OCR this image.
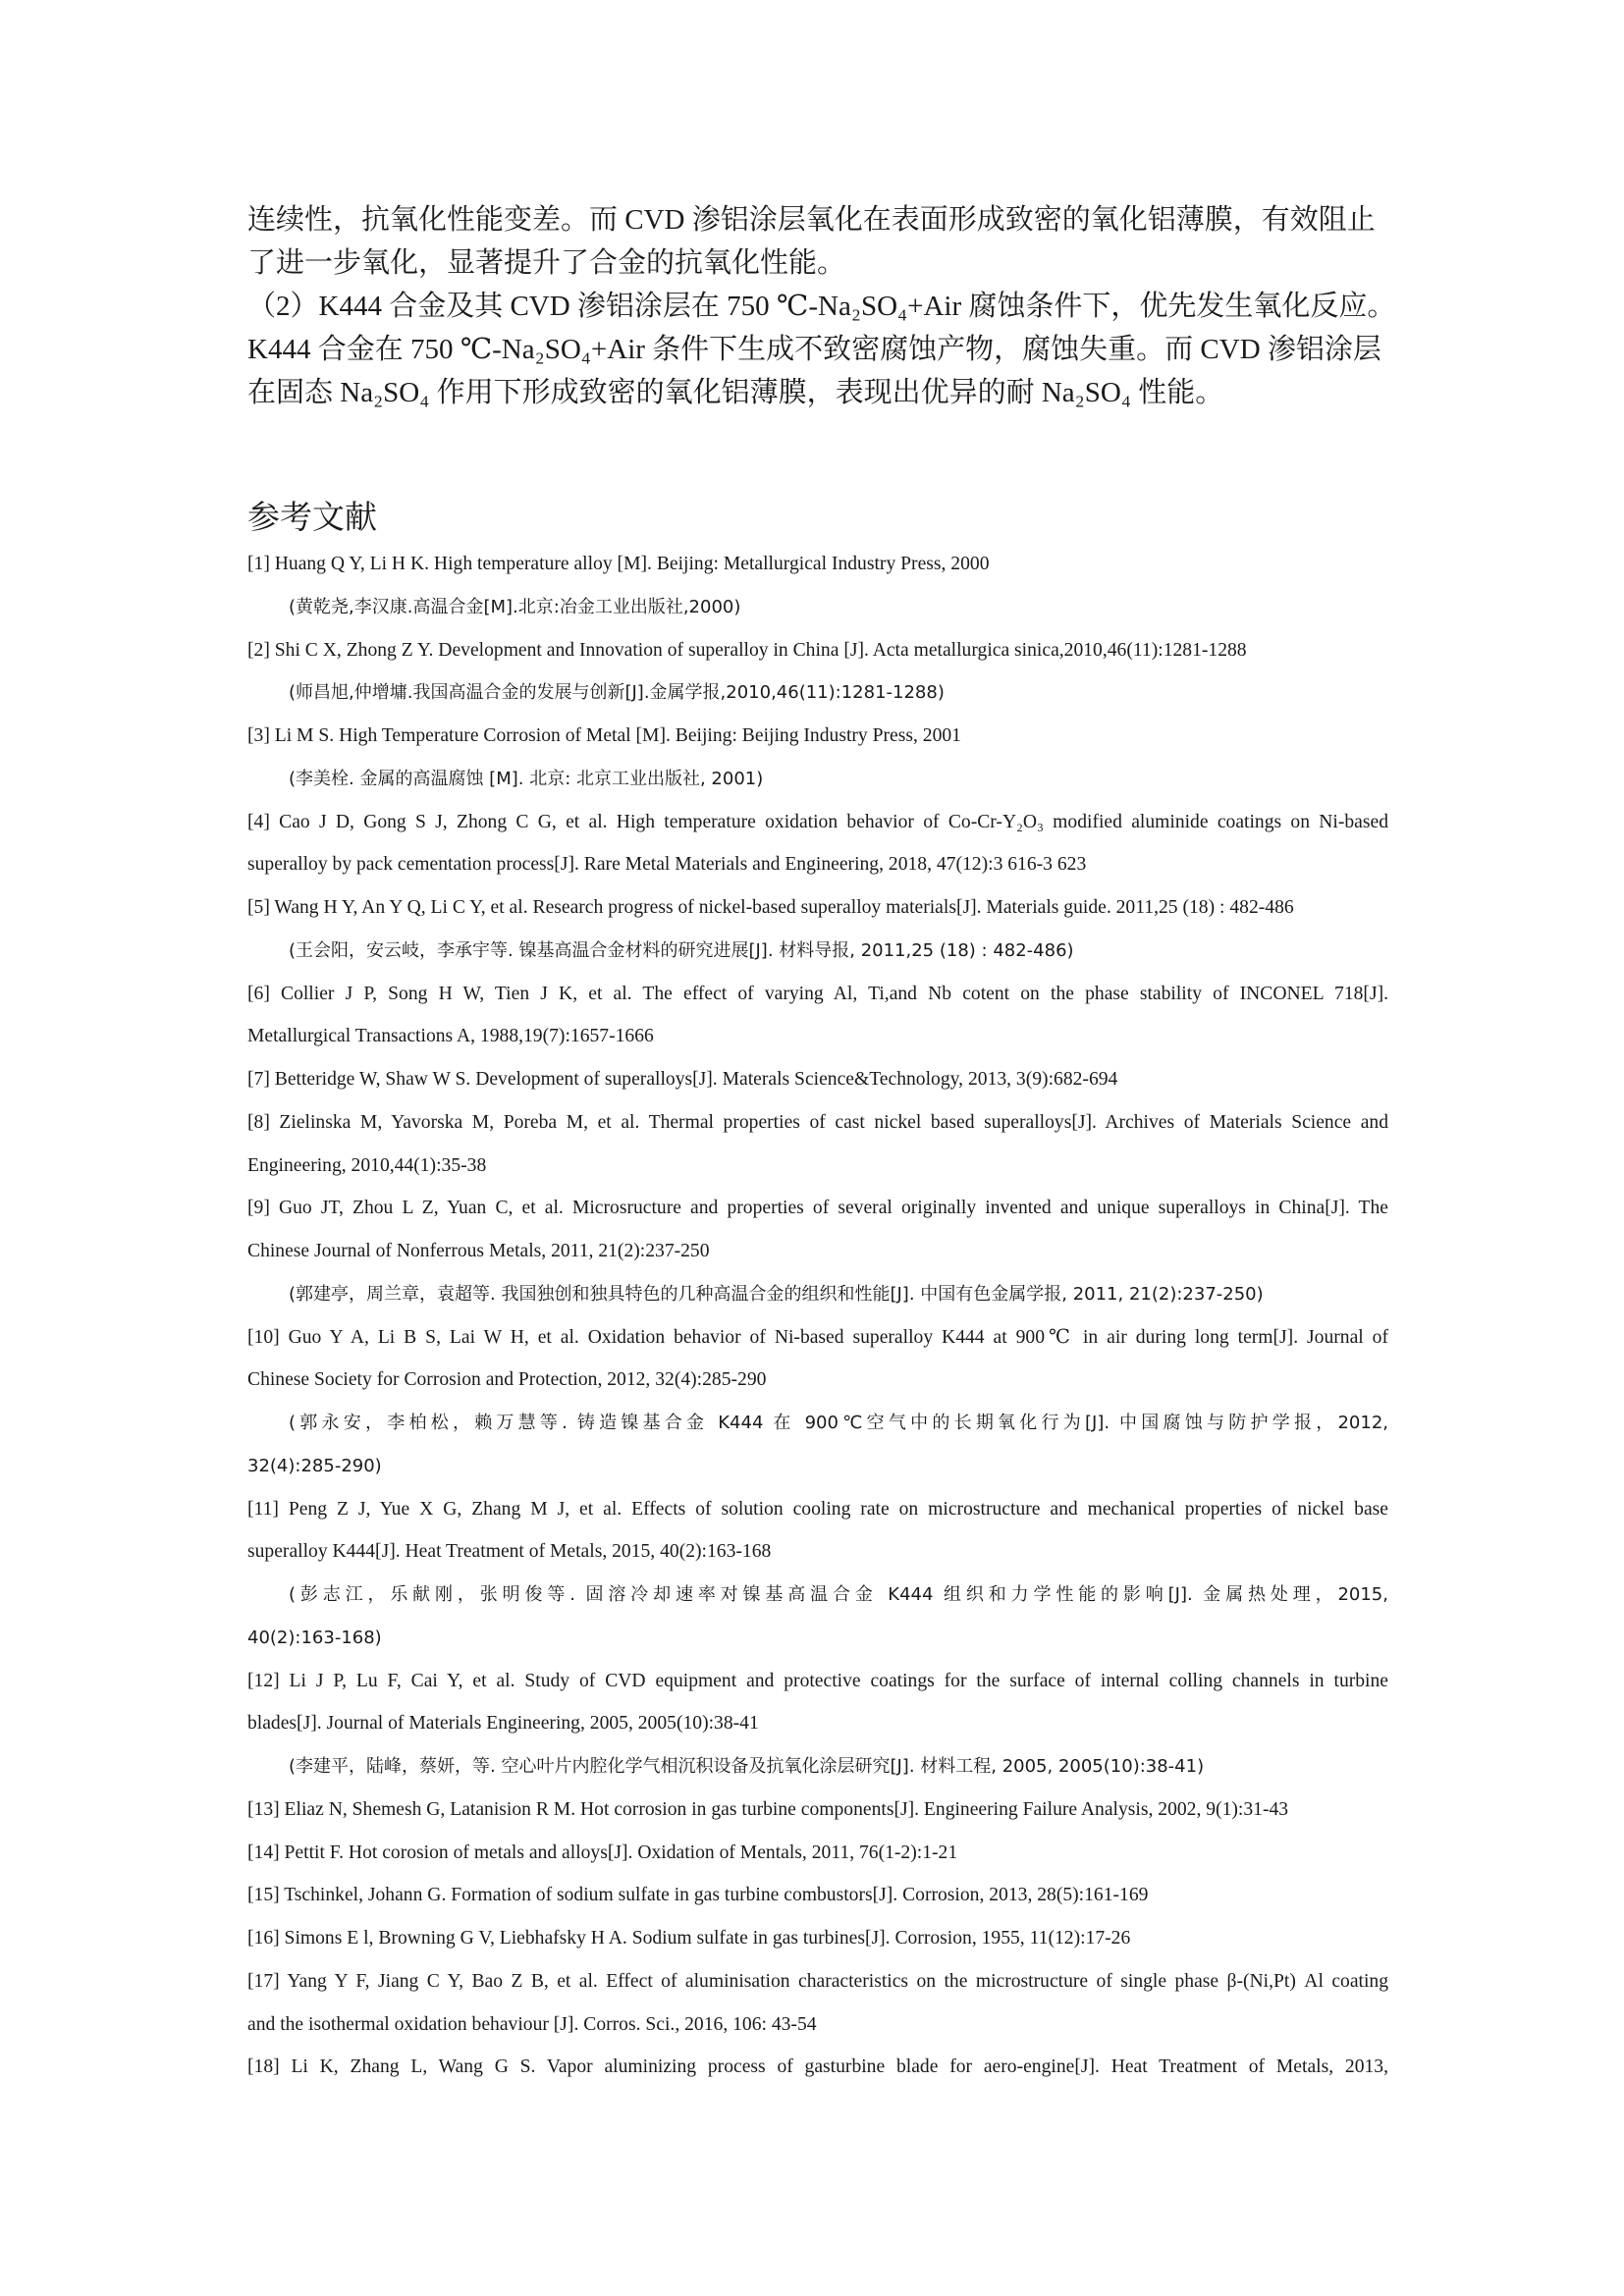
连续性，抗氧化性能变差。而 CVD 渗铝涂层氧化在表面形成致密的氧化铝薄膜，有效阻止
了进一步氧化，显著提升了合金的抗氧化性能。

（2）K444 合金及其 CVD 渗铝涂层在 750 ℃-Na₂SO₄+Air 腐蚀条件下，优先发生氧化反应。
K444 合金在 750 ℃-Na₂SO₄+Air 条件下生成不致密腐蚀产物，腐蚀失重。而 CVD 渗铝涂层
在固态 Na₂SO₄ 作用下形成致密的氧化铝薄膜，表现出优异的耐 Na₂SO₄ 性能。

参考文献
[1] Huang Q Y, Li H K. High temperature alloy [M]. Beijing: Metallurgical Industry Press, 2000
(黄乾尧,李汉康.高温合金[M].北京:冶金工业出版社,2000)
[2] Shi C X, Zhong Z Y. Development and Innovation of superalloy in China [J]. Acta metallurgica sinica,2010,46(11):1281-1288
(师昌旭,仲增墉.我国高温合金的发展与创新[J].金属学报,2010,46(11):1281-1288)
[3] Li M S. High Temperature Corrosion of Metal [M]. Beijing: Beijing Industry Press, 2001
(李美栓. 金属的高温腐蚀 [M]. 北京: 北京工业出版社, 2001)
[4] Cao J D, Gong S J, Zhong C G, et al. High temperature oxidation behavior of Co-Cr-Y₂O₃ modified aluminide coatings on Ni-based
superalloy by pack cementation process[J]. Rare Metal Materials and Engineering, 2018, 47(12):3 616-3 623
[5] Wang H Y, An Y Q, Li C Y, et al. Research progress of nickel-based superalloy materials[J]. Materials guide. 2011,25 (18) : 482-486
(王会阳，安云岐，李承宇等. 镍基高温合金材料的研究进展[J]. 材料导报, 2011,25 (18) : 482-486)
[6] Collier J P, Song H W, Tien J K, et al. The effect of varying Al, Ti,and Nb cotent on the phase stability of INCONEL 718[J].
Metallurgical Transactions A, 1988,19(7):1657-1666
[7] Betteridge W, Shaw W S. Development of superalloys[J]. Materals Science&Technology, 2013, 3(9):682-694
[8] Zielinska M, Yavorska M, Poreba M, et al. Thermal properties of cast nickel based superalloys[J]. Archives of Materials Science and
Engineering, 2010,44(1):35-38
[9] Guo JT, Zhou L Z, Yuan C, et al. Microsructure and properties of several originally invented and unique superalloys in China[J]. The
Chinese Journal of Nonferrous Metals, 2011, 21(2):237-250
(郭建亭，周兰章，袁超等. 我国独创和独具特色的几种高温合金的组织和性能[J]. 中国有色金属学报, 2011, 21(2):237-250)
[10] Guo Y A, Li B S, Lai W H, et al. Oxidation behavior of Ni-based superalloy K444 at 900℃ in air during long term[J]. Journal of
Chinese Society for Corrosion and Protection, 2012, 32(4):285-290
(郭永安，李柏松，赖万慧等. 铸造镍基合金 K444 在 900℃空气中的长期氧化行为[J]. 中国腐蚀与防护学报，2012,
32(4):285-290)
[11] Peng Z J, Yue X G, Zhang M J, et al. Effects of solution cooling rate on microstructure and mechanical properties of nickel base
superalloy K444[J]. Heat Treatment of Metals, 2015, 40(2):163-168
(彭志江，乐献刚，张明俊等. 固溶冷却速率对镍基高温合金 K444 组织和力学性能的影响[J]. 金属热处理，2015,
40(2):163-168)
[12] Li J P, Lu F, Cai Y, et al. Study of CVD equipment and protective coatings for the surface of internal colling channels in turbine
blades[J]. Journal of Materials Engineering, 2005, 2005(10):38-41
(李建平，陆峰，蔡妍，等. 空心叶片内腔化学气相沉积设备及抗氧化涂层研究[J]. 材料工程, 2005, 2005(10):38-41)
[13] Eliaz N, Shemesh G, Latanision R M. Hot corrosion in gas turbine components[J]. Engineering Failure Analysis, 2002, 9(1):31-43
[14] Pettit F. Hot corosion of metals and alloys[J]. Oxidation of Mentals, 2011, 76(1-2):1-21
[15] Tschinkel, Johann G. Formation of sodium sulfate in gas turbine combustors[J]. Corrosion, 2013, 28(5):161-169
[16] Simons E l, Browning G V, Liebhafsky H A. Sodium sulfate in gas turbines[J]. Corrosion, 1955, 11(12):17-26
[17] Yang Y F, Jiang C Y, Bao Z B, et al. Effect of aluminisation characteristics on the microstructure of single phase β-(Ni,Pt) Al coating
and the isothermal oxidation behaviour [J]. Corros. Sci., 2016, 106: 43-54
[18] Li K, Zhang L, Wang G S. Vapor aluminizing process of gasturbine blade for aero-engine[J]. Heat Treatment of Metals, 2013,
